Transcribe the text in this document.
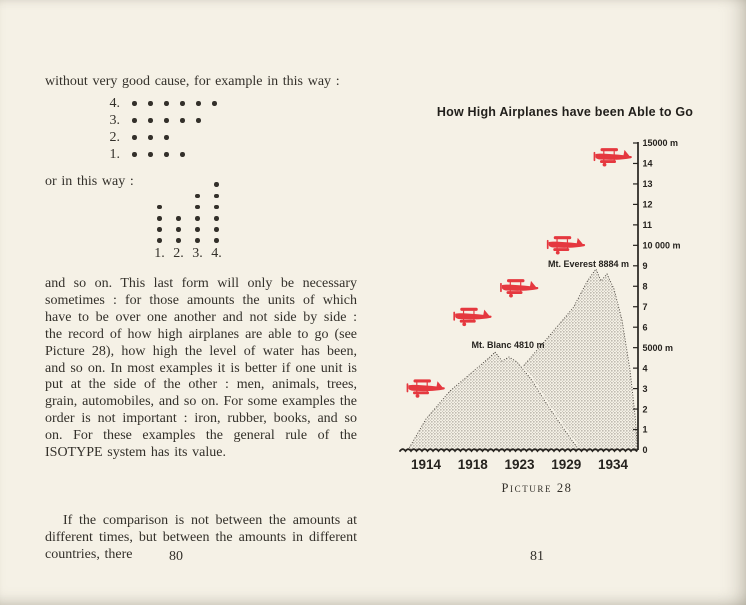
without very good cause, for example in this way :

4.
3.
2.
1.

or in this way :

1. 2. 3. 4.

and so on. This last form will only be necessary sometimes : for those amounts the units of which have to be over one another and not side by side : the record of how high airplanes are able to go (see Picture 28), how high the level of water has been, and so on. In most examples it is better if one unit is put at the side of the other : men, animals, trees, grain, automobiles, and so on. For some examples the order is not important : iron, rubber, books, and so on. For these examples the general rule of the ISOTYPE system has its value.

If the comparison is not between the amounts at different times, but between the amounts in different countries, there	80
How High Airplanes have been Able to Go
Mt. Blanc 4810 m
Mt. Everest 8884 m
0
1
2
3
4
5000 m
6
7
8
9
10 000 m
11
12
13
14
15000 m
1914 1918 1923 1929 1934
Picture 28
81
